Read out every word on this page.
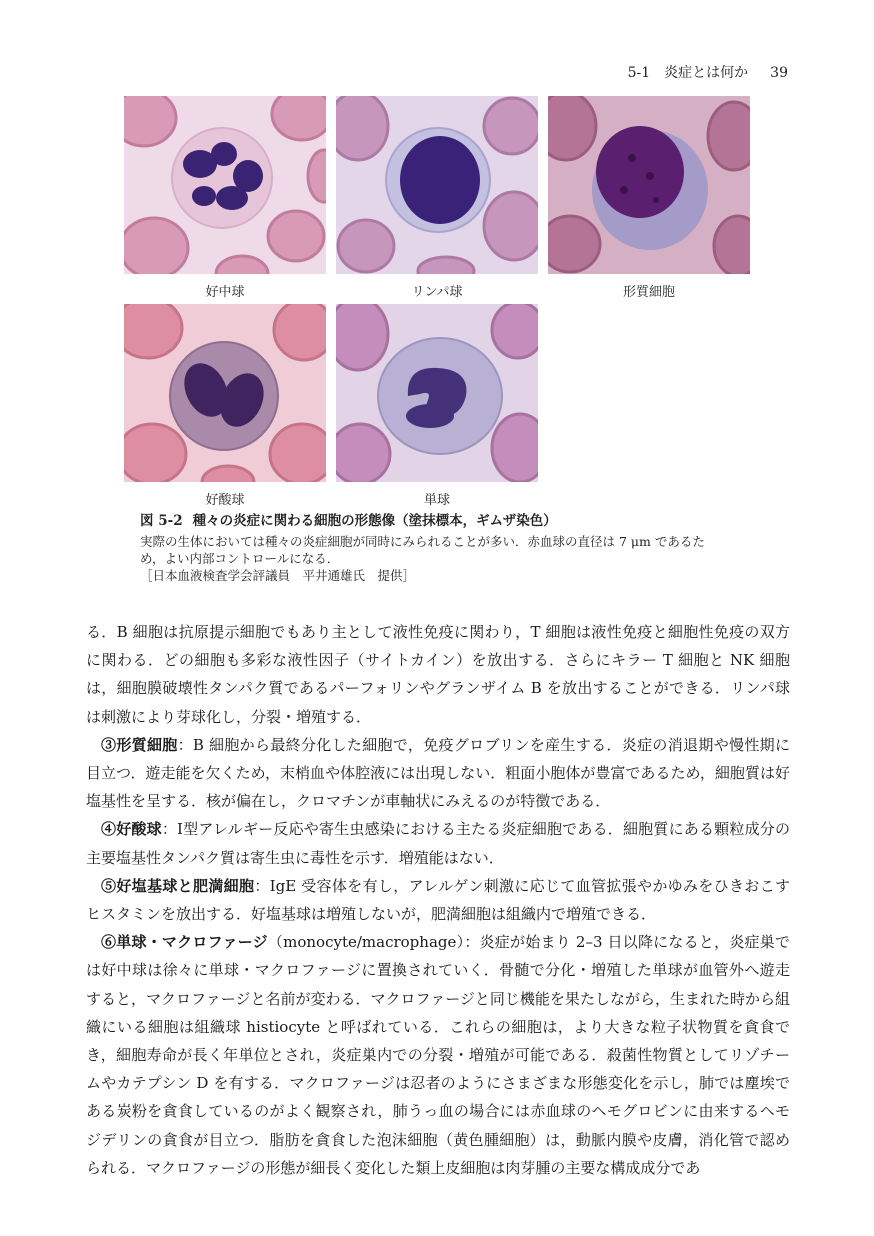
5-1　炎症とは何か 39
好中球	リンパ球	形質細胞
好酸球	単球
図 5-2 種々の炎症に関わる細胞の形態像（塗抹標本，ギムザ染色）
実際の生体においては種々の炎症細胞が同時にみられることが多い．赤血球の直径は 7 μm であるた
め，よい内部コントロールになる．
［日本血液検査学会評議員　平井通雄氏　提供］

る．B 細胞は抗原提示細胞でもあり主として液性免疫に関わり，T 細胞は液性免疫と細胞性免疫の双方に関わる．どの細胞も多彩な液性因子（サイトカイン）を放出する．さらにキラー T 細胞と NK 細胞は，細胞膜破壊性タンパク質であるパーフォリンやグランザイム B を放出することができる．リンパ球は刺激により芽球化し，分裂・増殖する．

③形質細胞：B 細胞から最終分化した細胞で，免疫グロブリンを産生する．炎症の消退期や慢性期に目立つ．遊走能を欠くため，末梢血や体腔液には出現しない．粗面小胞体が豊富であるため，細胞質は好塩基性を呈する．核が偏在し，クロマチンが車軸状にみえるのが特徴である．

④好酸球：Ⅰ型アレルギー反応や寄生虫感染における主たる炎症細胞である．細胞質にある顆粒成分の主要塩基性タンパク質は寄生虫に毒性を示す．増殖能はない．

⑤好塩基球と肥満細胞：IgE 受容体を有し，アレルゲン刺激に応じて血管拡張やかゆみをひきおこすヒスタミンを放出する．好塩基球は増殖しないが，肥満細胞は組織内で増殖できる．

⑥単球・マクロファージ（monocyte/macrophage）：炎症が始まり 2–3 日以降になると，炎症巣では好中球は徐々に単球・マクロファージに置換されていく．骨髄で分化・増殖した単球が血管外へ遊走すると，マクロファージと名前が変わる．マクロファージと同じ機能を果たしながら，生まれた時から組織にいる細胞は組織球 histiocyte と呼ばれている．これらの細胞は，より大きな粒子状物質を貪食でき，細胞寿命が長く年単位とされ，炎症巣内での分裂・増殖が可能である．殺菌性物質としてリゾチームやカテプシン D を有する．マクロファージは忍者のようにさまざまな形態変化を示し，肺では塵埃である炭粉を貪食しているのがよく観察され，肺うっ血の場合には赤血球のヘモグロビンに由来するヘモジデリンの貪食が目立つ．脂肪を貪食した泡沫細胞（黄色腫細胞）は，動脈内膜や皮膚，消化管で認められる．マクロファージの形態が細長く変化した類上皮細胞は肉芽腫の主要な構成成分であ
